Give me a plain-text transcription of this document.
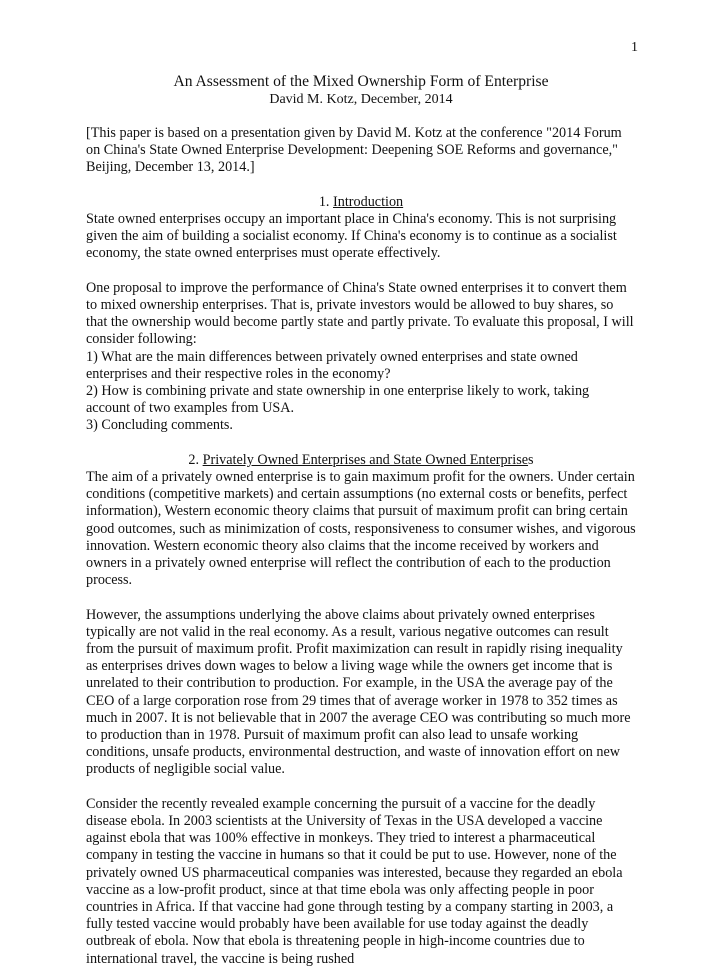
1

An Assessment of the Mixed Ownership Form of Enterprise

David M. Kotz, December, 2014

[This paper is based on a presentation given by David M. Kotz at the conference "2014 Forum on China's State Owned Enterprise Development: Deepening SOE Reforms and governance," Beijing, December 13, 2014.]

1. Introduction

State owned enterprises occupy an important place in China's economy. This is not surprising given the aim of building a socialist economy. If China's economy is to continue as a socialist economy, the state owned enterprises must operate effectively.

One proposal to improve the performance of China's State owned enterprises it to convert them to mixed ownership enterprises. That is, private investors would be allowed to buy shares, so that the ownership would become partly state and partly private. To evaluate this proposal, I will consider following:

1) What are the main differences between privately owned enterprises and state owned enterprises and their respective roles in the economy?

2) How is combining private and state ownership in one enterprise likely to work, taking account of two examples from USA.

3) Concluding comments.

2. Privately Owned Enterprises and State Owned Enterprises

The aim of a privately owned enterprise is to gain maximum profit for the owners. Under certain conditions (competitive markets) and certain assumptions (no external costs or benefits, perfect information), Western economic theory claims that pursuit of maximum profit can bring certain good outcomes, such as minimization of costs, responsiveness to consumer wishes, and vigorous innovation. Western economic theory also claims that the income received by workers and owners in a privately owned enterprise will reflect the contribution of each to the production process.

However, the assumptions underlying the above claims about privately owned enterprises typically are not valid in the real economy. As a result, various negative outcomes can result from the pursuit of maximum profit. Profit maximization can result in rapidly rising inequality as enterprises drives down wages to below a living wage while the owners get income that is unrelated to their contribution to production. For example, in the USA the average pay of the CEO of a large corporation rose from 29 times that of average worker in 1978 to 352 times as much in 2007. It is not believable that in 2007 the average CEO was contributing so much more to production than in 1978. Pursuit of maximum profit can also lead to unsafe working conditions, unsafe products, environmental destruction, and waste of innovation effort on new products of negligible social value.

Consider the recently revealed example concerning the pursuit of a vaccine for the deadly disease ebola. In 2003 scientists at the University of Texas in the USA developed a vaccine against ebola that was 100% effective in monkeys. They tried to interest a pharmaceutical company in testing the vaccine in humans so that it could be put to use. However, none of the privately owned US pharmaceutical companies was interested, because they regarded an ebola vaccine as a low-profit product, since at that time ebola was only affecting people in poor countries in Africa. If that vaccine had gone through testing by a company starting in 2003, a fully tested vaccine would probably have been available for use today against the deadly outbreak of ebola. Now that ebola is threatening people in high-income countries due to international travel, the vaccine is being rushed
